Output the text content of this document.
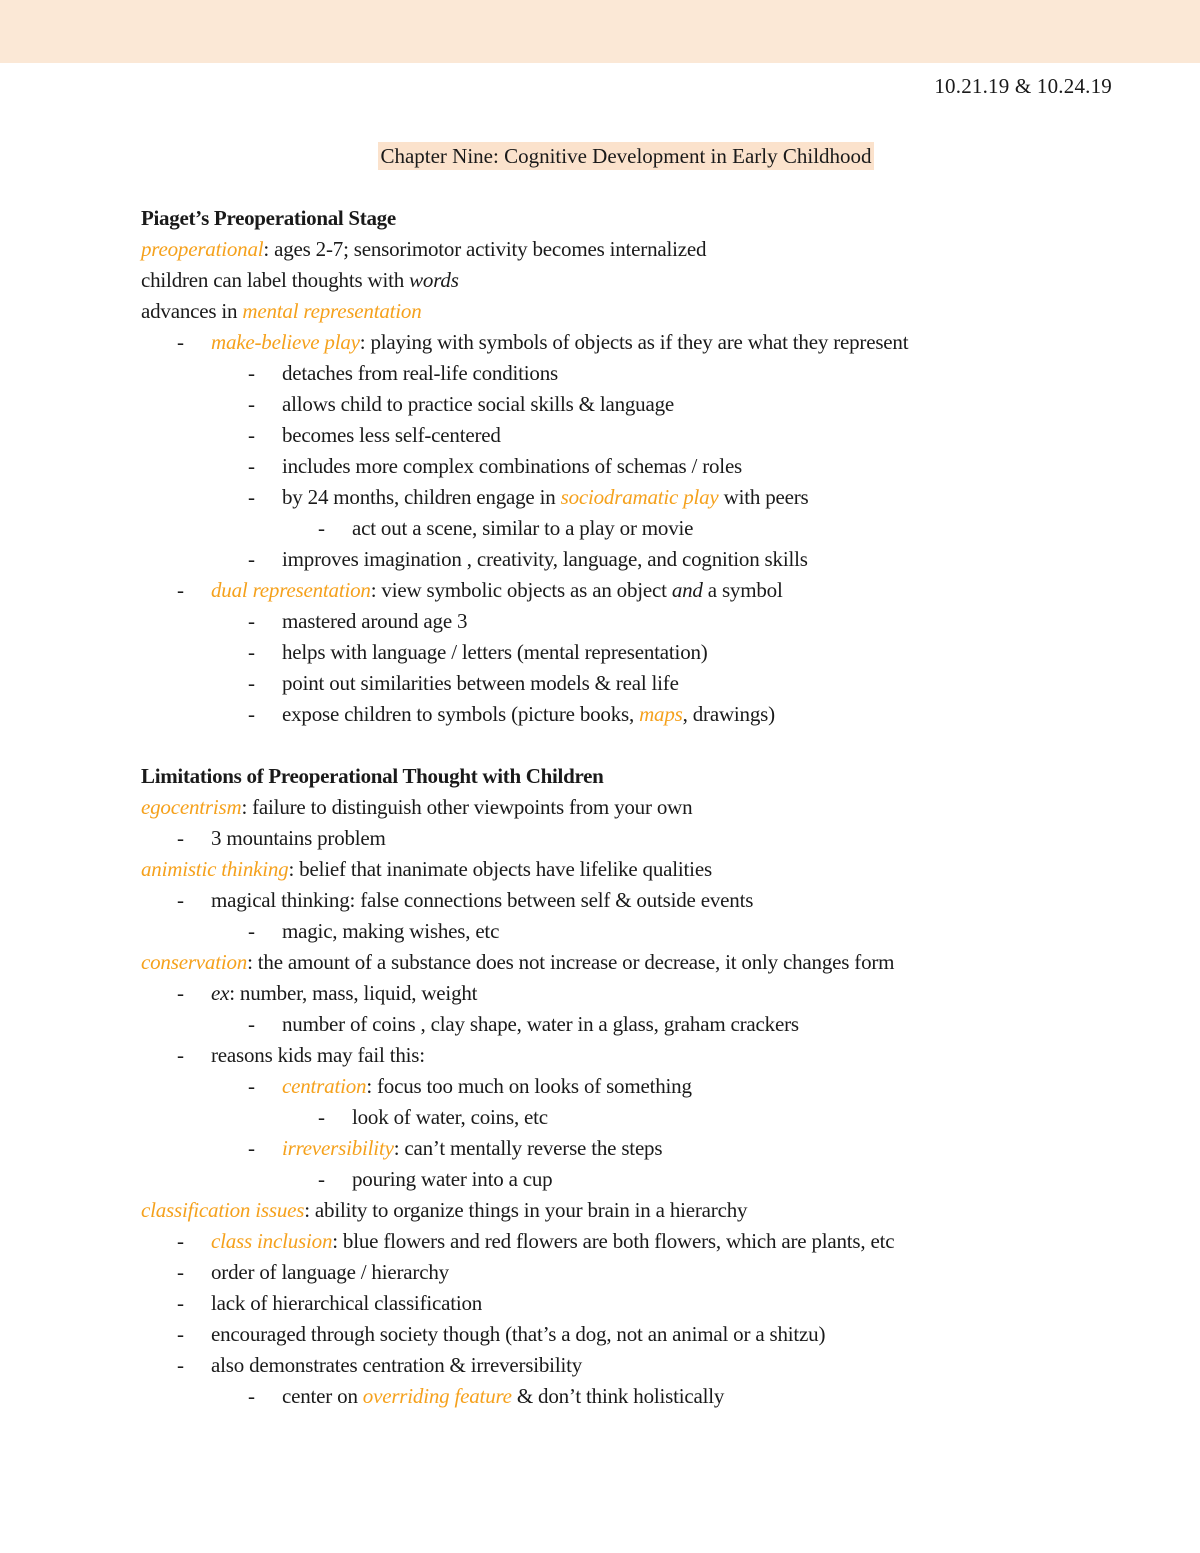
10.21.19 & 10.24.19
Chapter Nine: Cognitive Development in Early Childhood
Piaget’s Preoperational Stage
preoperational: ages 2-7; sensorimotor activity becomes internalized
children can label thoughts with words
advances in mental representation
- make-believe play: playing with symbols of objects as if they are what they represent
- detaches from real-life conditions
- allows child to practice social skills & language
- becomes less self-centered
- includes more complex combinations of schemas / roles
- by 24 months, children engage in sociodramatic play with peers
- act out a scene, similar to a play or movie
- improves imagination , creativity, language, and cognition skills
- dual representation: view symbolic objects as an object and a symbol
- mastered around age 3
- helps with language / letters (mental representation)
- point out similarities between models & real life
- expose children to symbols (picture books, maps, drawings)
Limitations of Preoperational Thought with Children
egocentrism: failure to distinguish other viewpoints from your own
- 3 mountains problem
animistic thinking: belief that inanimate objects have lifelike qualities
- magical thinking: false connections between self & outside events
- magic, making wishes, etc
conservation: the amount of a substance does not increase or decrease, it only changes form
- ex: number, mass, liquid, weight
- number of coins , clay shape, water in a glass, graham crackers
- reasons kids may fail this:
- centration: focus too much on looks of something
- look of water, coins, etc
- irreversibility: can’t mentally reverse the steps
- pouring water into a cup
classification issues: ability to organize things in your brain in a hierarchy
- class inclusion: blue flowers and red flowers are both flowers, which are plants, etc
- order of language / hierarchy
- lack of hierarchical classification
- encouraged through society though (that’s a dog, not an animal or a shitzu)
- also demonstrates centration & irreversibility
- center on overriding feature & don’t think holistically
